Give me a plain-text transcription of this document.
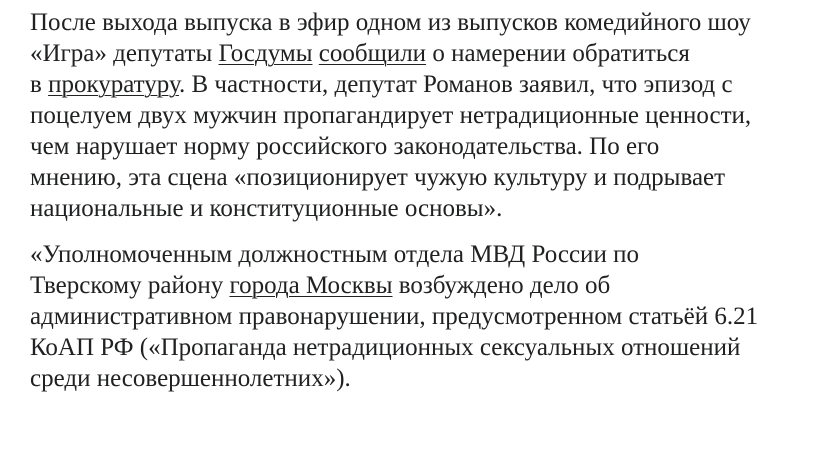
После выхода выпуска в эфир одном из выпусков комедийного шоу
«Игра» депутаты Госдумы сообщили о намерении обратиться
в прокуратуру. В частности, депутат Романов заявил, что эпизод с
поцелуем двух мужчин пропагандирует нетрадиционные ценности,
чем нарушает норму российского законодательства. По его
мнению, эта сцена «позиционирует чужую культуру и подрывает
национальные и конституционные основы».

«Уполномоченным должностным отдела МВД России по
Тверскому району города Москвы возбуждено дело об
административном правонарушении, предусмотренном статьёй 6.21
КоАП РФ («Пропаганда нетрадиционных сексуальных отношений
среди несовершеннолетних»).
